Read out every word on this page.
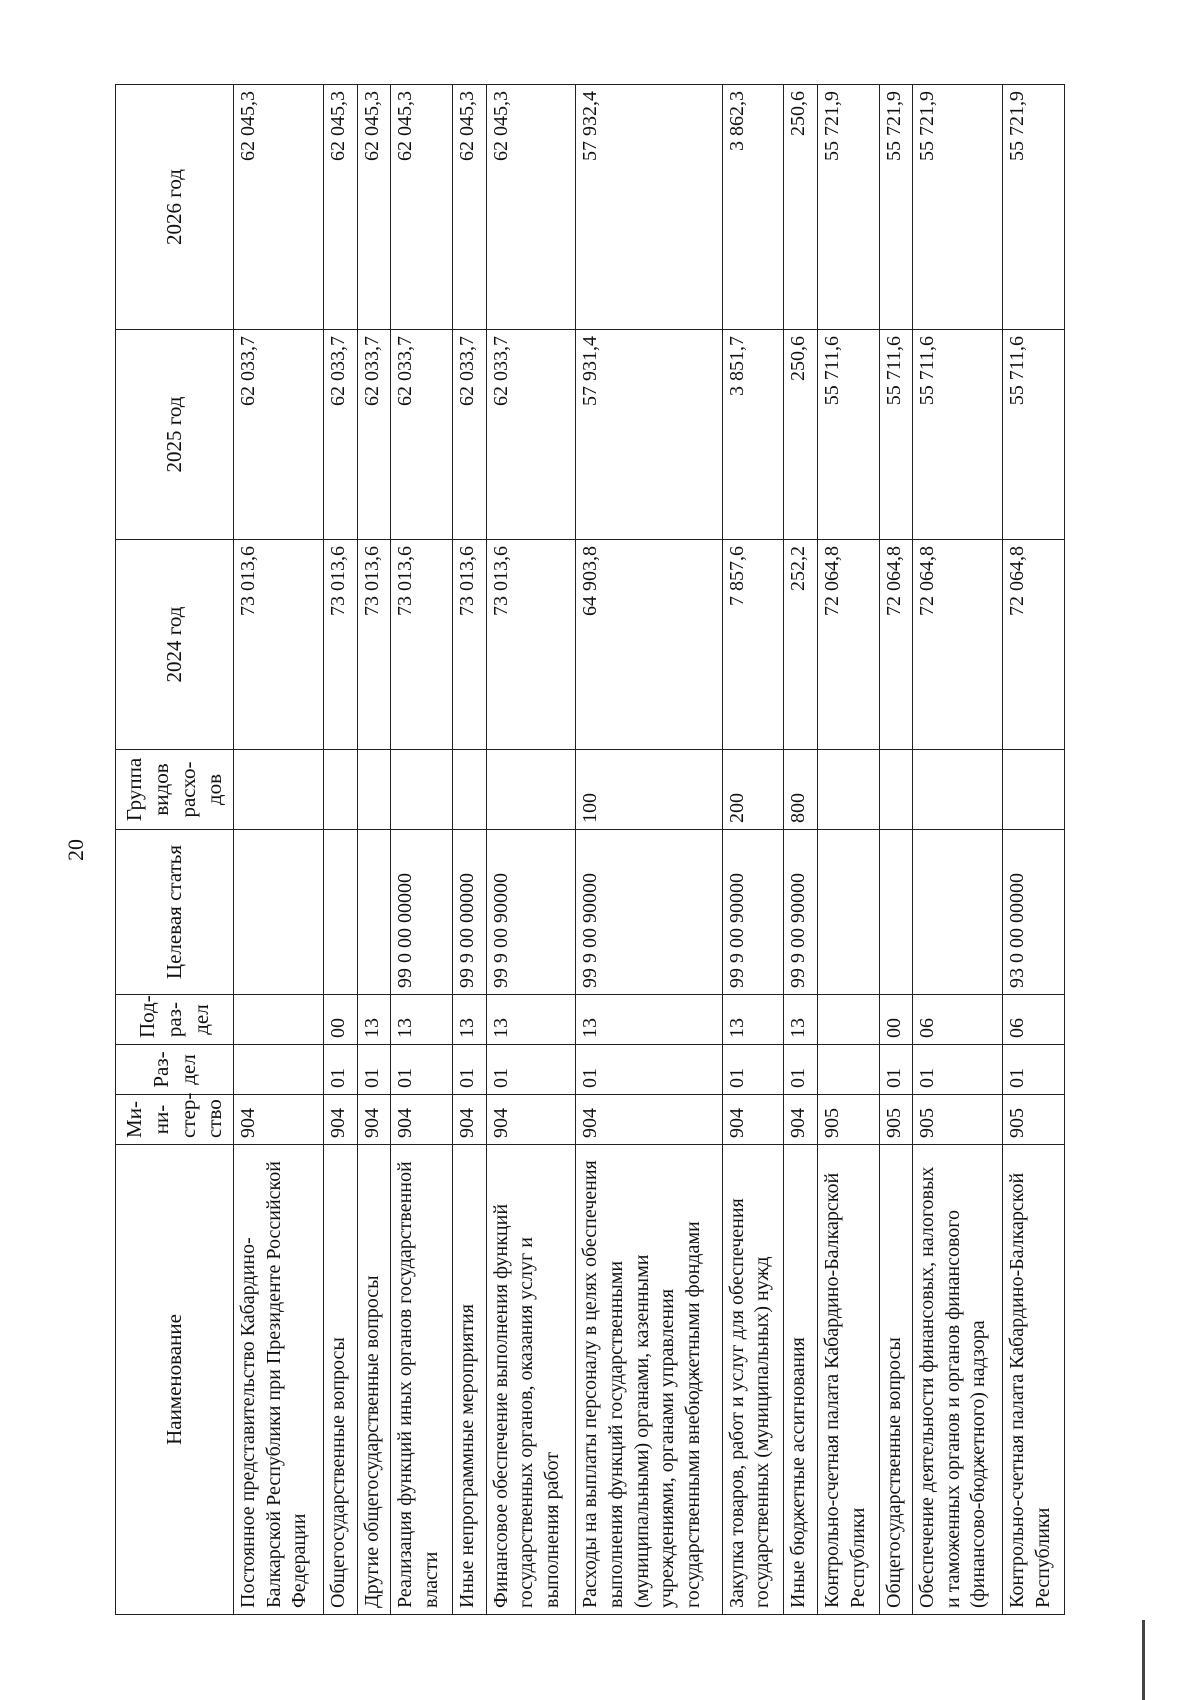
20
Наименование	Ми-ни-стер-ство	Раз-дел	Под-раз-дел	Целевая статья	Группа видов расхо-дов	2024 год	2025 год	2026 год
Постоянное представительство Кабардино-Балкарской Республики при Президенте Российской Федерации	904					73 013,6	62 033,7	62 045,3
Общегосударственные вопросы	904	01	00			73 013,6	62 033,7	62 045,3
Другие общегосударственные вопросы	904	01	13			73 013,6	62 033,7	62 045,3
Реализация функций иных органов государственной власти	904	01	13	99 0 00 00000		73 013,6	62 033,7	62 045,3
Иные непрограммные мероприятия	904	01	13	99 9 00 00000		73 013,6	62 033,7	62 045,3
Финансовое обеспечение выполнения функций государственных органов, оказания услуг и выполнения работ	904	01	13	99 9 00 90000		73 013,6	62 033,7	62 045,3
Расходы на выплаты персоналу в целях обеспечения выполнения функций государственными (муниципальными) органами, казенными учреждениями, органами управления государственными внебюджетными фондами	904	01	13	99 9 00 90000	100	64 903,8	57 931,4	57 932,4
Закупка товаров, работ и услуг для обеспечения государственных (муниципальных) нужд	904	01	13	99 9 00 90000	200	7 857,6	3 851,7	3 862,3
Иные бюджетные ассигнования	904	01	13	99 9 00 90000	800	252,2	250,6	250,6
Контрольно-счетная палата Кабардино-Балкарской Республики	905					72 064,8	55 711,6	55 721,9
Общегосударственные вопросы	905	01	00			72 064,8	55 711,6	55 721,9
Обеспечение деятельности финансовых, налоговых и таможенных органов и органов финансового (финансово-бюджетного) надзора	905	01	06			72 064,8	55 711,6	55 721,9
Контрольно-счетная палата Кабардино-Балкарской Республики	905	01	06	93 0 00 00000		72 064,8	55 711,6	55 721,9
